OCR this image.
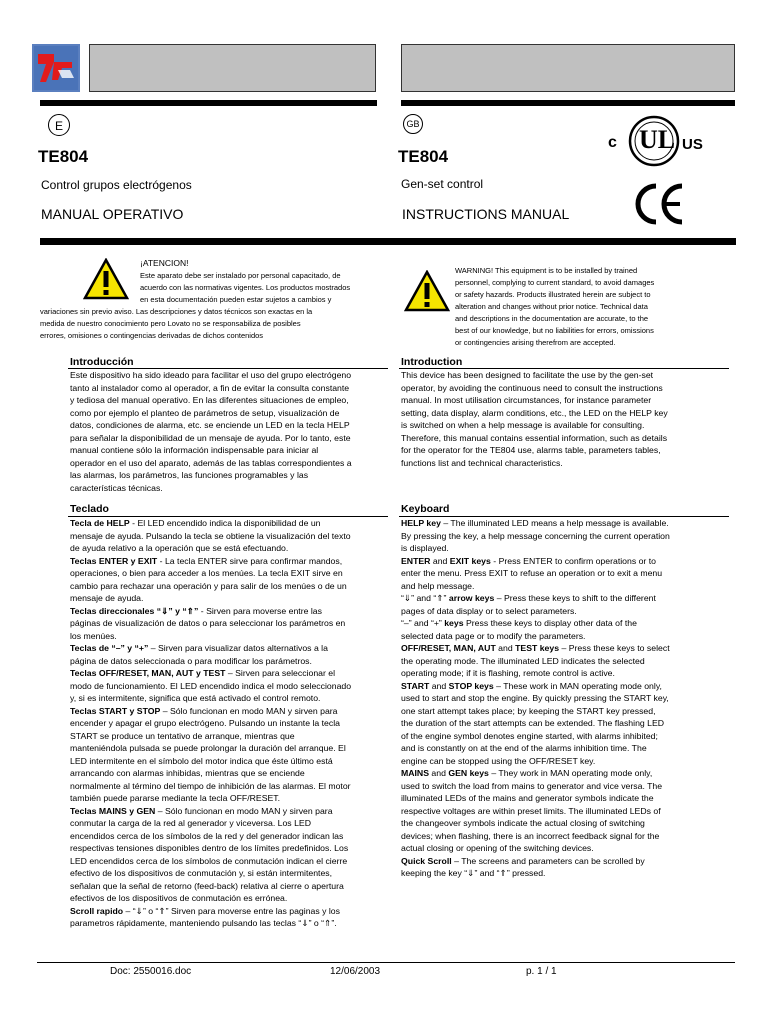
E	GB
TE804	TE804
Control grupos electrógenos	Gen-set control
MANUAL OPERATIVO	INSTRUCTIONS MANUAL
c UL US
¡ATENCION!
Este aparato debe ser instalado por personal capacitado, de
acuerdo con las normativas vigentes. Los productos mostrados
en esta documentación pueden estar sujetos a cambios y
variaciones sin previo aviso. Las descripciones y datos técnicos son exactas en la
medida de nuestro conocimiento pero Lovato no se responsabiliza de posibles
errores, omisiones o contingencias derivadas de dichos contenidos
WARNING! This equipment is to be installed by trained
personnel, complying to current standard, to avoid damages
or safety hazards. Products illustrated herein are subject to
alteration and changes without prior notice. Technical data
and descriptions in the documentation are accurate, to the
best of our knowledge, but no liabilities for errors, omissions
or contingencies arising therefrom are accepted.
Introducción	Introduction
Este dispositivo ha sido ideado para facilitar el uso del grupo electrógeno
tanto al instalador como al operador, a fin de evitar la consulta constante
y tediosa del manual operativo. En las diferentes situaciones de empleo,
como por ejemplo el planteo de parámetros de setup, visualización de
datos, condiciones de alarma, etc. se enciende un LED en la tecla HELP
para señalar la disponibilidad de un mensaje de ayuda. Por lo tanto, este
manual contiene sólo la información indispensable para iniciar al
operador en el uso del aparato, además de las tablas correspondientes a
las alarmas, los parámetros, las funciones programables y las
características técnicas.
This device has been designed to facilitate the use by the gen-set
operator, by avoiding the continuous need to consult the instructions
manual. In most utilisation circumstances, for instance parameter
setting, data display, alarm conditions, etc., the LED on the HELP key
is switched on when a help message is available for consulting.
Therefore, this manual contains essential information, such as details
for the operator for the TE804 use, alarms table, parameters tables,
functions list and technical characteristics.
Teclado	Keyboard
Tecla de HELP - El LED encendido indica la disponibilidad de un
mensaje de ayuda. Pulsando la tecla se obtiene la visualización del texto
de ayuda relativo a la operación que se está efectuando.
Teclas ENTER y EXIT - La tecla ENTER sirve para confirmar mandos,
operaciones, o bien para acceder a los menúes. La tecla EXIT sirve en
cambio para rechazar una operación y para salir de los menúes o de un
mensaje de ayuda.
Teclas direccionales “⇓” y “⇑” - Sirven para moverse entre las
páginas de visualización de datos o para seleccionar los parámetros en
los menúes.
Teclas de “–” y “+” – Sirven para visualizar datos alternativos a la
página de datos seleccionada o para modificar los parámetros.
Teclas OFF/RESET, MAN, AUT y TEST – Sirven para seleccionar el
modo de funcionamiento. El LED encendido indica el modo seleccionado
y, si es intermitente, significa que está activado el control remoto.
Teclas START y STOP – Sólo funcionan en modo MAN y sirven para
encender y apagar el grupo electrógeno. Pulsando un instante la tecla
START se produce un tentativo de arranque, mientras que
manteniéndola pulsada se puede prolongar la duración del arranque. El
LED intermitente en el símbolo del motor indica que éste último está
arrancando con alarmas inhibidas, mientras que se enciende
normalmente al término del tiempo de inhibición de las alarmas. El motor
también puede pararse mediante la tecla OFF/RESET.
Teclas MAINS y GEN – Sólo funcionan en modo MAN y sirven para
conmutar la carga de la red al generador y viceversa. Los LED
encendidos cerca de los símbolos de la red y del generador indican las
respectivas tensiones disponibles dentro de los límites predefinidos. Los
LED encendidos cerca de los símbolos de conmutación indican el cierre
efectivo de los dispositivos de conmutación y, si están intermitentes,
señalan que la señal de retorno (feed-back) relativa al cierre o apertura
efectivos de los dispositivos de conmutación es errónea.
Scroll rapido – “⇓” o “⇑” Sirven para moverse entre las paginas y los
parametros rápidamente, manteniendo pulsando las teclas “⇓” o “⇑”.
HELP key – The illuminated LED means a help message is available.
By pressing the key, a help message concerning the current operation
is displayed.
ENTER and EXIT keys - Press ENTER to confirm operations or to
enter the menu. Press EXIT to refuse an operation or to exit a menu
and help message.
“⇓” and “⇑” arrow keys – Press these keys to shift to the different
pages of data display or to select parameters.
“–” and “+” keys Press these keys to display other data of the
selected data page or to modify the parameters.
OFF/RESET, MAN, AUT and TEST keys – Press these keys to select
the operating mode. The illuminated LED indicates the selected
operating mode; if it is flashing, remote control is active.
START and STOP keys – These work in MAN operating mode only,
used to start and stop the engine. By quickly pressing the START key,
one start attempt takes place; by keeping the START key pressed,
the duration of the start attempts can be extended. The flashing LED
of the engine symbol denotes engine started, with alarms inhibited;
and is constantly on at the end of the alarms inhibition time. The
engine can be stopped using the OFF/RESET key.
MAINS and GEN keys – They work in MAN operating mode only,
used to switch the load from mains to generator and vice versa. The
illuminated LEDs of the mains and generator symbols indicate the
respective voltages are within preset limits. The illuminated LEDs of
the changeover symbols indicate the actual closing of switching
devices; when flashing, there is an incorrect feedback signal for the
actual closing or opening of the switching devices.
Quick Scroll – The screens and parameters can be scrolled by
keeping the key “⇓” and “⇑” pressed.
Doc: 2550016.doc	12/06/2003	p. 1 / 1
